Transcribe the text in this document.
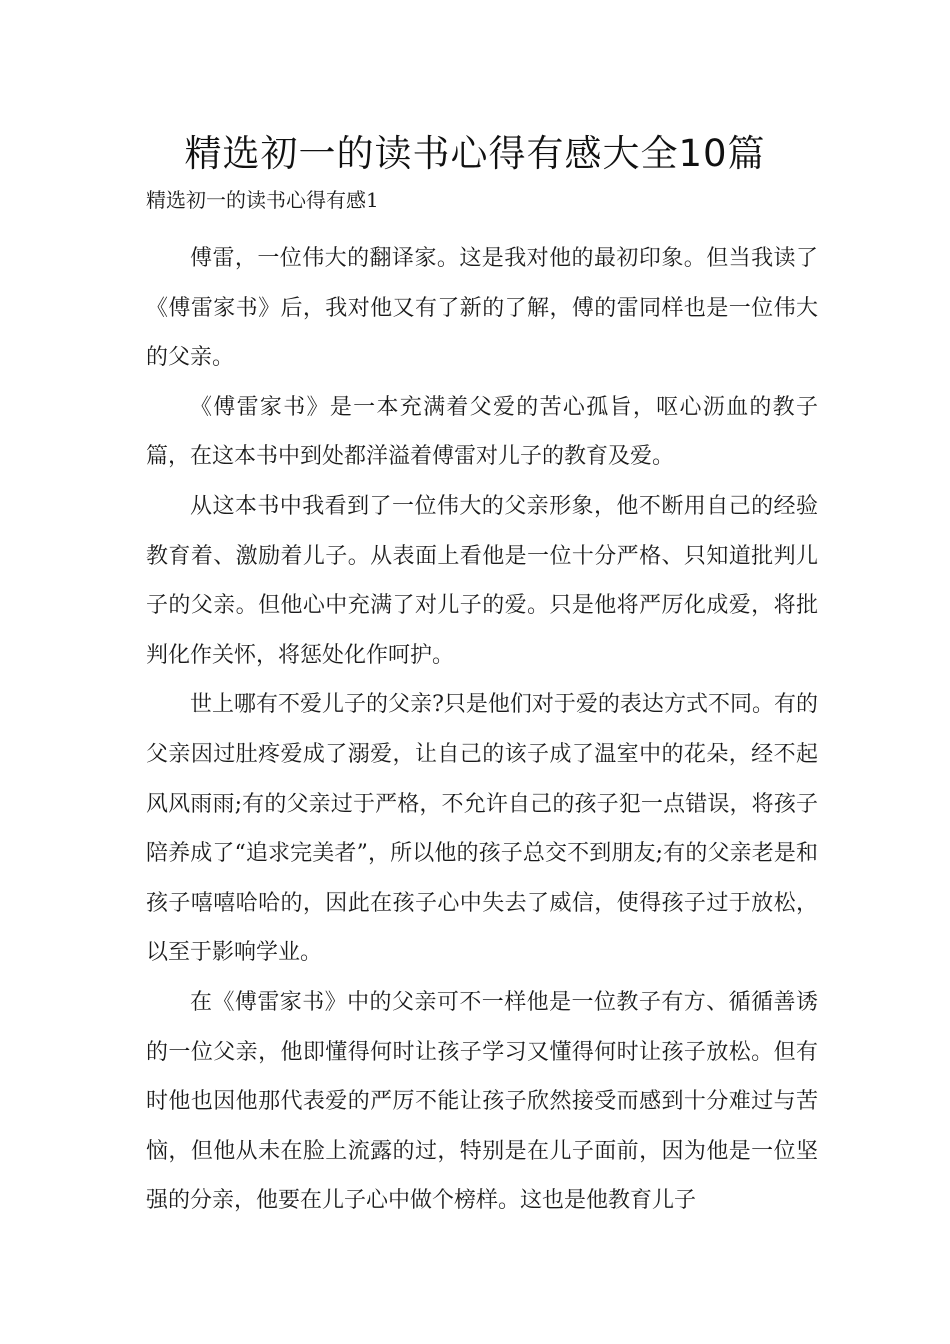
精选初一的读书心得有感大全10篇
精选初一的读书心得有感1

傅雷，一位伟大的翻译家。这是我对他的最初印象。但当我读了《傅雷家书》后，我对他又有了新的了解，傅的雷同样也是一位伟大的父亲。

《傅雷家书》是一本充满着父爱的苦心孤旨，呕心沥血的教子篇，在这本书中到处都洋溢着傅雷对儿子的教育及爱。

从这本书中我看到了一位伟大的父亲形象，他不断用自己的经验教育着、激励着儿子。从表面上看他是一位十分严格、只知道批判儿子的父亲。但他心中充满了对儿子的爱。只是他将严厉化成爱，将批判化作关怀，将惩处化作呵护。

世上哪有不爱儿子的父亲?只是他们对于爱的表达方式不同。有的父亲因过肚疼爱成了溺爱，让自己的该子成了温室中的花朵，经不起风风雨雨;有的父亲过于严格，不允许自己的孩子犯一点错误，将孩子陪养成了“追求完美者”，所以他的孩子总交不到朋友;有的父亲老是和孩子嘻嘻哈哈的，因此在孩子心中失去了威信，使得孩子过于放松，以至于影响学业。

在《傅雷家书》中的父亲可不一样他是一位教子有方、循循善诱的一位父亲，他即懂得何时让孩子学习又懂得何时让孩子放松。但有时他也因他那代表爱的严厉不能让孩子欣然接受而感到十分难过与苦恼，但他从未在脸上流露的过，特别是在儿子面前，因为他是一位坚强的分亲，他要在儿子心中做个榜样。这也是他教育儿子
